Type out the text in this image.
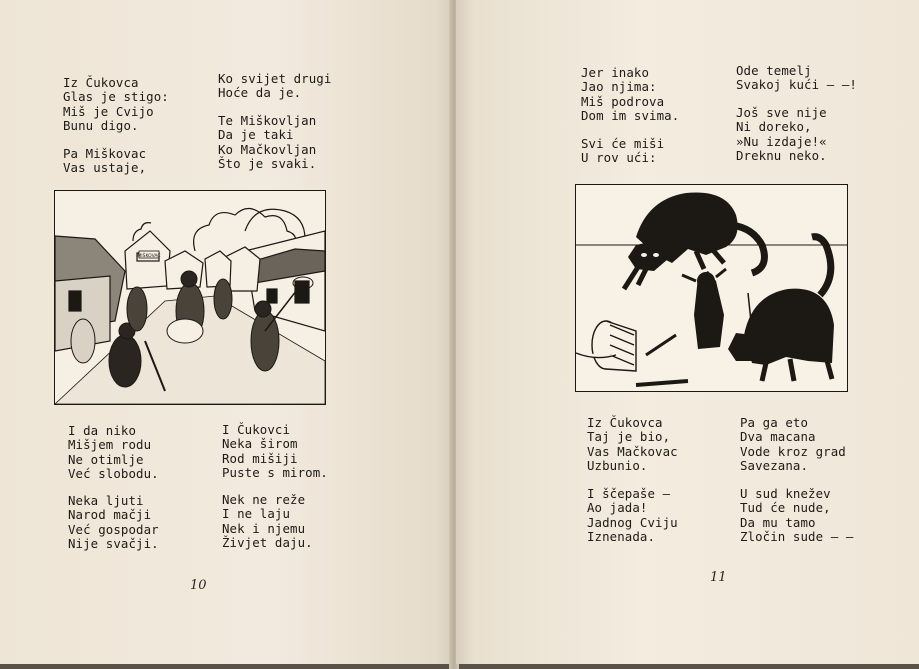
Iz Čukovca
Glas je stigo:
Miš je Cvijo
Bunu digo.
Pa Miškovac
Vas ustaje,
Ko svijet drugi
Hoće da je.
Te Miškovljan
Da je taki
Ko Mačkovljan
Što je svaki.
MIŠKOVAC
I da niko
Mišjem rodu
Ne otimlje
Već slobodu.
Neka ljuti
Narod mačji
Već gospodar
Nije svačji.
I Čukovci
Neka širom
Rod mišiji
Puste s mirom.
Nek ne reže
I ne laju
Nek i njemu
Živjet daju.
10
Jer inako
Jao njima:
Miš podrova
Dom im svima.
Svi će miši
U rov ući:
Ode temelj
Svakoj kući — —!
Još sve nije
Ni doreko,
»Nu izdaje!«
Dreknu neko.
Iz Čukovca
Taj je bio,
Vas Mačkovac
Uzbunio.
I ščepaše —
Ao jada!
Jadnog Cviju
Iznenada.
Pa ga eto
Dva macana
Vode kroz grad
Savezana.
U sud knežev
Tud će nude,
Da mu tamo
Zločin sude — —
11
